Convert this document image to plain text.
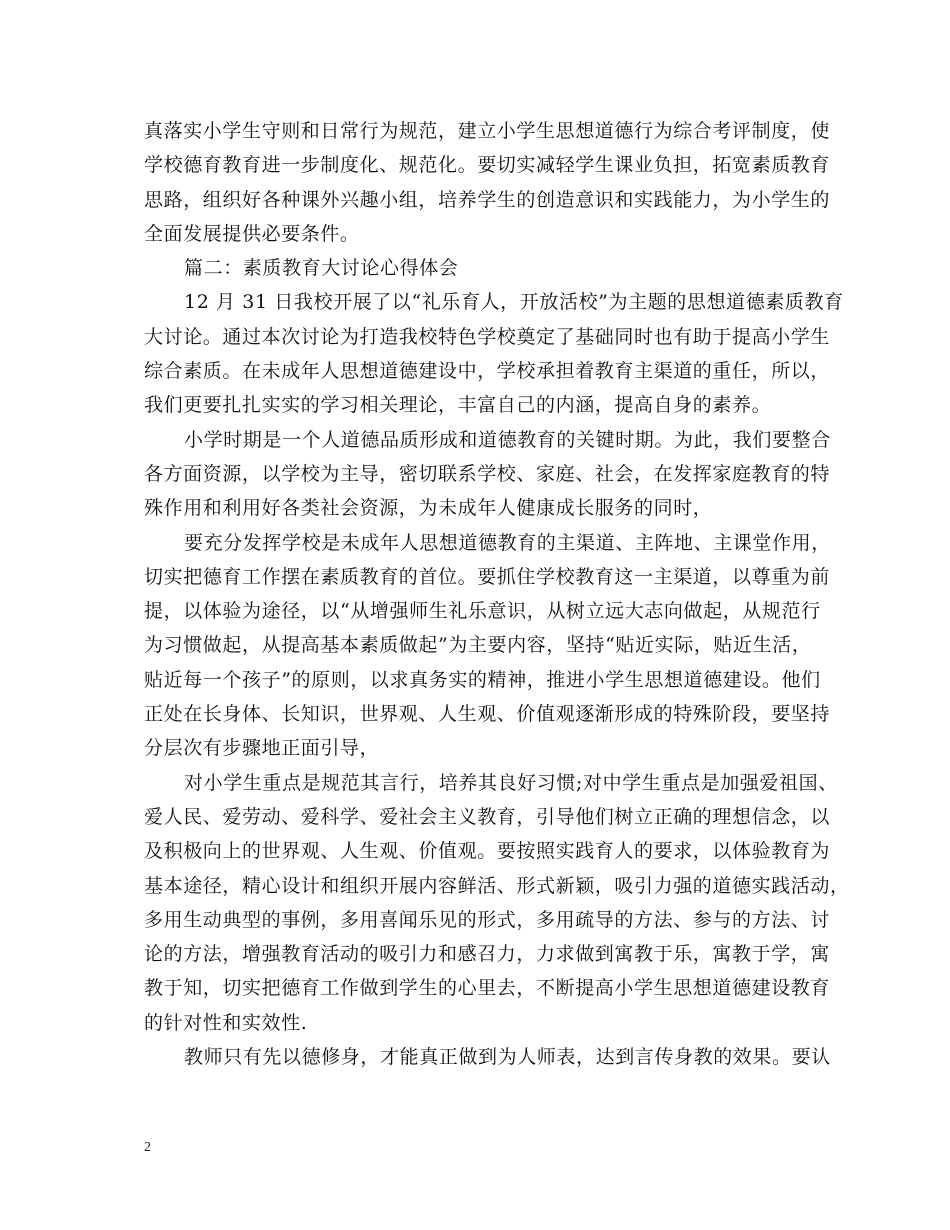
真落实小学生守则和日常行为规范，建立小学生思想道德行为综合考评制度，使
学校德育教育进一步制度化、规范化。要切实减轻学生课业负担，拓宽素质教育
思路，组织好各种课外兴趣小组，培养学生的创造意识和实践能力，为小学生的
全面发展提供必要条件。
篇二：素质教育大讨论心得体会
12 月 31 日我校开展了以“礼乐育人，开放活校”为主题的思想道德素质教育
大讨论。通过本次讨论为打造我校特色学校奠定了基础同时也有助于提高小学生
综合素质。在未成年人思想道德建设中，学校承担着教育主渠道的重任，所以，
我们更要扎扎实实的学习相关理论，丰富自己的内涵，提高自身的素养。
小学时期是一个人道德品质形成和道德教育的关键时期。为此，我们要整合
各方面资源，以学校为主导，密切联系学校、家庭、社会，在发挥家庭教育的特
殊作用和利用好各类社会资源，为未成年人健康成长服务的同时，
要充分发挥学校是未成年人思想道德教育的主渠道、主阵地、主课堂作用，
切实把德育工作摆在素质教育的首位。要抓住学校教育这一主渠道，以尊重为前
提，以体验为途径，以“从增强师生礼乐意识，从树立远大志向做起，从规范行
为习惯做起，从提高基本素质做起”为主要内容，坚持“贴近实际，贴近生活，
贴近每一个孩子”的原则，以求真务实的精神，推进小学生思想道德建设。他们
正处在长身体、长知识，世界观、人生观、价值观逐渐形成的特殊阶段，要坚持
分层次有步骤地正面引导，
对小学生重点是规范其言行，培养其良好习惯;对中学生重点是加强爱祖国、
爱人民、爱劳动、爱科学、爱社会主义教育，引导他们树立正确的理想信念，以
及积极向上的世界观、人生观、价值观。要按照实践育人的要求，以体验教育为
基本途径，精心设计和组织开展内容鲜活、形式新颖，吸引力强的道德实践活动，
多用生动典型的事例，多用喜闻乐见的形式，多用疏导的方法、参与的方法、讨
论的方法，增强教育活动的吸引力和感召力，力求做到寓教于乐，寓教于学，寓
教于知，切实把德育工作做到学生的心里去，不断提高小学生思想道德建设教育
的针对性和实效性.
教师只有先以德修身，才能真正做到为人师表，达到言传身教的效果。要认
2
